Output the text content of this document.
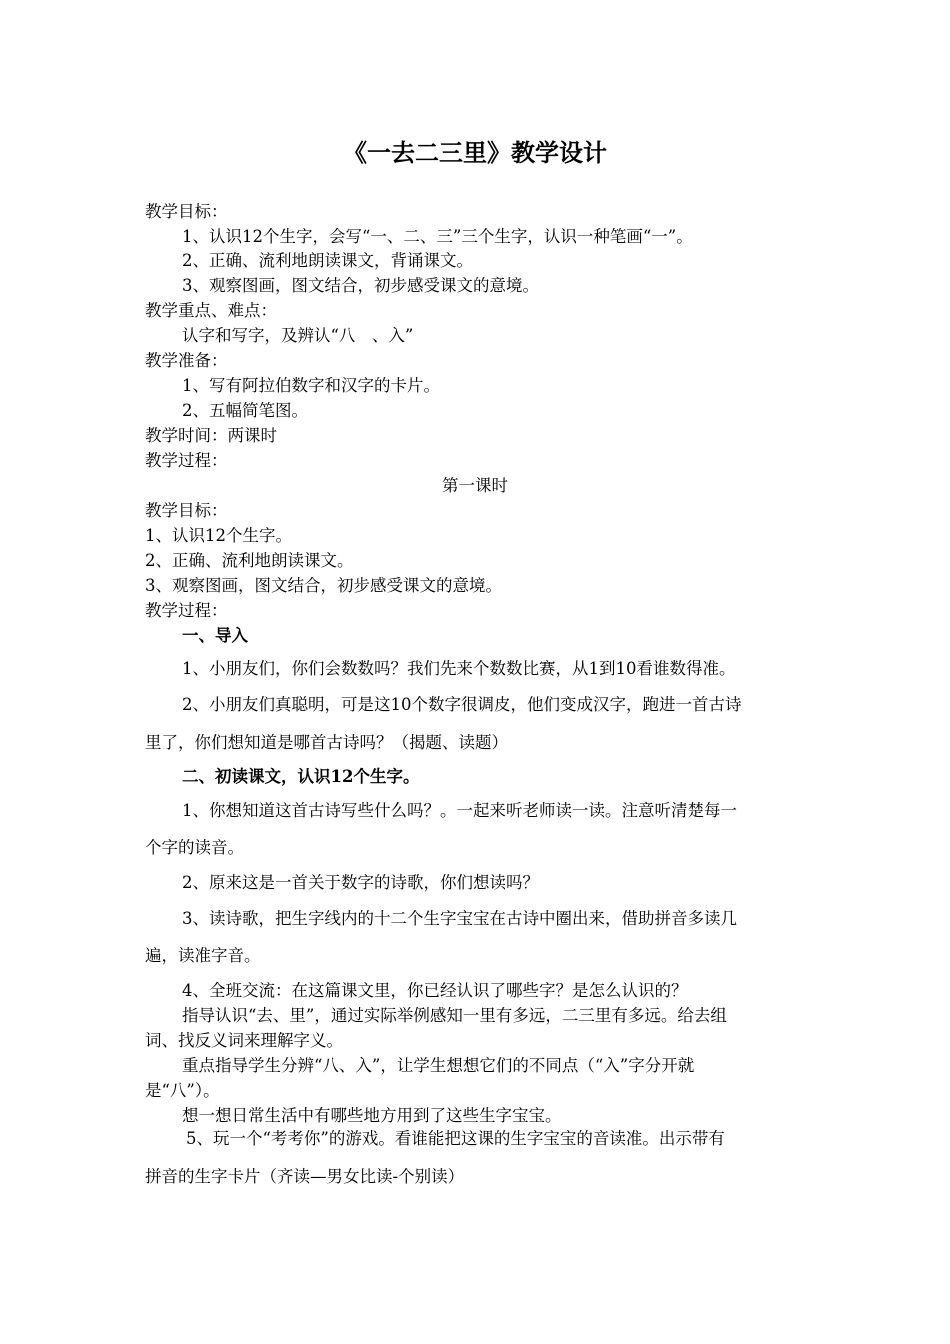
《一去二三里》教学设计
教学目标：
1、认识12个生字，会写“一、二、三”三个生字，认识一种笔画“一”。
2、正确、流利地朗读课文，背诵课文。
3、观察图画，图文结合，初步感受课文的意境。
教学重点、难点：
认字和写字，及辨认“八　、入”
教学准备：
1、写有阿拉伯数字和汉字的卡片。
2、五幅简笔图。
教学时间：两课时
教学过程：
第一课时
教学目标：
1、认识12个生字。
2、正确、流利地朗读课文。
3、观察图画，图文结合，初步感受课文的意境。
教学过程：
一、导入
1、小朋友们，你们会数数吗？我们先来个数数比赛，从1到10看谁数得准。
2、小朋友们真聪明，可是这10个数字很调皮，他们变成汉字，跑进一首古诗
里了，你们想知道是哪首古诗吗？（揭题、读题）
二、初读课文，认识12个生字。
1、你想知道这首古诗写些什么吗？。一起来听老师读一读。注意听清楚每一
个字的读音。
2、原来这是一首关于数字的诗歌，你们想读吗？
3、读诗歌，把生字线内的十二个生字宝宝在古诗中圈出来，借助拼音多读几
遍，读准字音。
4、全班交流：在这篇课文里，你已经认识了哪些字？是怎么认识的？
指导认识“去、里”，通过实际举例感知一里有多远，二三里有多远。给去组
词、找反义词来理解字义。
重点指导学生分辨“八、入”，让学生想想它们的不同点（“入”字分开就
是“八”）。
想一想日常生活中有哪些地方用到了这些生字宝宝。
5、玩一个“考考你”的游戏。看谁能把这课的生字宝宝的音读准。出示带有
拼音的生字卡片（齐读—男女比读-个别读）
